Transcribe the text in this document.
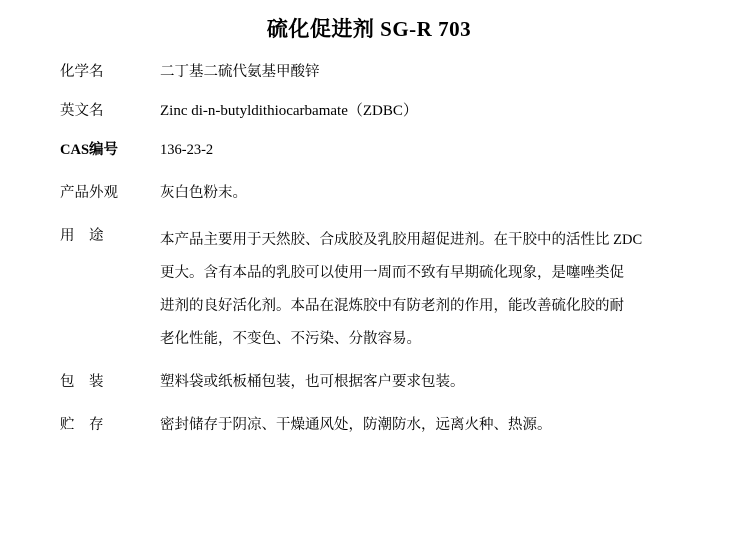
硫化促进剂 SG-R 703
化学名	二丁基二硫代氨基甲酸锌
英文名	Zinc di-n-butyldithiocarbamate（ZDBC）
CAS编号	136-23-2
产品外观	灰白色粉末。
用    途	本产品主要用于天然胶、合成胶及乳胶用超促进剂。在干胶中的活性比 ZDC
更大。含有本品的乳胶可以使用一周而不致有早期硫化现象，是噻唑类促
进剂的良好活化剂。本品在混炼胶中有防老剂的作用，能改善硫化胶的耐
老化性能，不变色、不污染、分散容易。
包    装	塑料袋或纸板桶包装，也可根据客户要求包装。
贮    存	密封储存于阴凉、干燥通风处，防潮防水，远离火种、热源。
